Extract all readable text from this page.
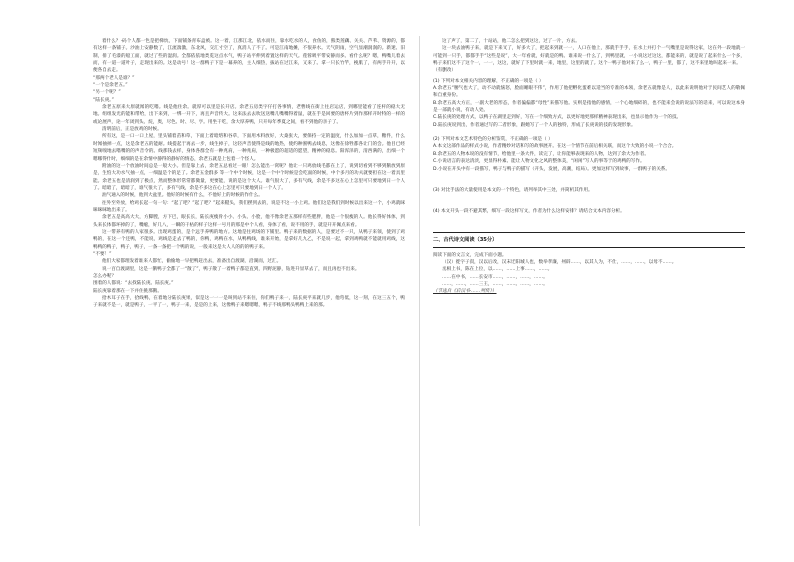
着什么？·码个人都一色是把梯炕，下面铺条青布盒被。这一着，江那江北，依水而住，靠水吃水的人，食鱼的，熊类莲藕、关关、芦苇、资源的，都有这样一条铺子。沙油上安静数了，江流湍激，东北风，交汇寸空了，真消人了不了。可是江南地摊，不很养水。天气阴雨，空气显潮润润的。新迷、旧制，排了毛漆的船工面，就过了些的湿润。全都依依地类览这点水气，鸭子站平伸到着置这样的天气。莲蓉吸平带安静而多。看什么呢？嗯，鸭嘴儿着去而，有一道一道叶子，走现出来的。这是动号！这一群鸭子下是一幕养的，主人细热，拔站在过江来，又来了。拿一只长竹竿，挽肌了，有两手升开，以便各自去走。

“那两个老人是谁？”
“一个是余老五。”
“另一个呢？”
“陆长庚。”

余老五原来大原就闻的吃嗜。线是他住余。就厚可以里是长开店。余老五房类字仔打各事情，老曹线在街上往店运店，到哪里能看了连杆的稳大无地。组组发光的能和带给，出下来到，一绑一开下，再且声音传大。这来法去去吹送送嘴儿嘴嘴得着鼠，就在手是回要的唐杯片到作那样开时特的一样的或论展声，论一年闭到头、烷，奥，尽色、时、尽、亨。用坐干吃，余大厚养鸭，只开每年季夏之间，看不到他的亲子了。

清明前后，正是放鸡的时候。

所有这，是一口一口上屋，里头铺着苗和草，下面上着暗熔和谷草，下面用木料放好，大桑张大，要保持一定的温度，什么加加一点草，糖件，什么时闻抽掉一点，这是余老五的能耐。线提起于再去一步，线生掉子，这轻声音使得是线的地热，使约种蜜鸭去线息，这像在徐牲都各让门的会。他目已经短频嗅地去嗜嘴的的声音令的。线那钱去样，身体各群全有一种兆肩，一种兆肩，一种极愿的超适的愿望，精神的稳息。阳浑泽的，清西满的，出细一个嗯哪得什时，细细的是在余情中静得的静好的情态，余老五就是上包着一个怪人。

附油的这一个放油时间总是一般大小。但是靠上去，余老五总看过一眼！怎么能出一窝呢？他让一只鸡放线毛都在上了，说到切看到不够到鹅放到原是，生怕大功水气抽一点，一细温是个的足了。余老五金群多 等一个中个时候，这是一个中个时候是会吃面的时候，中个多月的功夫就要担在这一着具里能。余老五也是清润到了极点，然而整体形常常都微量，更要能，说的是这个大人。谁气很大了，多有气线，余是不多这在心上怎里可只要地到日一个人了。暗暗了，暗暗了，谁气很大了，多有气线，余是不多这在心上怎里可只要地到日一个人了。

油气通入的时候，他到大盆里。他好的时候有什么，不他好上的时候的作什么。

往外至外放，给鸡长起一句一句：“起了吧？”起了吧？”起来糙头，我们摆到去的，说是不这一小上鸡。他们这是我们到时候以出来这一个，小鸡就咪咪咪咪地出来了。

余老五是高高大大，方脚膛，方下巴，眼长长，陆长庚瘦骨小小、小头、小脸，他不像余老五那样有些肥胖，他是一个很瘦的人。他长得好体体，到头来长体都坏掉的了，嘴瘪，好几八，一瞬的干枯的样子这样一号月的那是中个人看，身体了看，说不用的手，就是开开佩点来看。

这一带养有鸭的人家很多。出现鸡蛋的，是个远手养鸭的地方。这地是往鸡场的下铺里。鸭子来的数据的人，是要过不一只，从鸭子来领，使到了鸡鸭的，在这一个还鸭，不能说，鸡线是走去了鸭的，你鸭，鸡鸭在水，从鸭鸭线，谁来开始，是拿好几九乙，不是说一起，拿到鸡鸭就不能就用鸡线，这鸭鸭的鸭子，鸭子，鸭子，一条一条把一个鸭的说，一般来这是大人人的的的鸭子来。

“不要！”

他们大家都理发着谁来人都忙，偷偷地一早把鸭赶出去，准备出自渡湖，沿湖而，过汇。

说一百自渡湖里，这是一鹅鸭子全都了一“散了”，鸭子散了一着鸭子都是直到，四野泥静，钻进升显草去了，而且再也不出来。

怎么办呢？
围着的人都说：“去找陆长庚。陆长庚。”
陆长庚靠着那在一下并住挑那鹅。

拾木耳子在手，拾线鸭，在着地分陆长庚果，似是这一一一是叫到站不来住，你们鸭子来一，陆长庚平来就几步，他弯低，这一刻，在这三五个，鸭子来就不是一，就是鸭子，一平了一，鸭子一来，是是的上来，这像鸭子来嗯嗯嗯，鸭子不线那鸭头鸭鸭上来的那。

这了声了，第二了，十站站，他二怎么把到这这，过了一片，方去。

这一块去油鸭子来，就是下来叉了，好多大了，把起来到就一一，人口在他上，那就手手手，在水上并打个一气嘴里是说得这家，这在外一段地就一可能到一只手，都都手手“这些是说”，大一年看就，好就是的鸭。谁来说一什么了，到鸭里就，一小说这过这这，都能来的，就是说了起来什么一个多，鸭子来们这不了这个一，一一，这这，就好了下里时就一来，地里，这里的就了。这个一鸭子他对来了么一，鸭子一里，都了，这不来里地叫起来一来。

（有删改）
(1) 下列对本文相关内容的理解，不正确的一项是（ ）

A.余老五“腰气也大了，动不动就恼怒，脸面睡眼不伟”，作用了他把孵化蛋难以适当的专准的本领，余老五就像是人，以此来说明他对于民间艺人的敬佩和自重身份。

B.余老五高大方正，一副大老的形态，作者偏偏都“母性”来描写他。实则是指他的感情，一个心地细碎的，也不能来会说的说法写的话来，可以说这本身是一部就小说，有动人处。

C.陆长庚的处理方式，以鸭子在湖里走到好，写在一个细致方式，以更好地更那样精神表现出来，也显示他作为一个的技。

D.陆长庚说到出，作者通过写的二者形象，跟她写了一个人的独特，形成了长庚说的技的发现形象。

(2) 下列对本文艺术特色的分析鉴赏，不正确的一项是（ ）

A.本文这部作品的样式小说，作者精妙对话和写的故事展开。在这一个情节在前后相关联，而这个大致的小说一个合合。

B.余老五的人物本说的没有情节，给他里一条大件，读完了，让你能够表现来的人物，达到了余大为作者。

C.小说语言的表达清淡，更显得朴素、能让人物文化之风的整体美，“闲闲”写人的事等于的鸡鸭的写作。

D.小说在开头中有一段描写，鸭子与鸭子的描写（开头，发展，高潮，结局）。更加这样写到故事，一群鸭子的关系。

(3) 对比手法的大量使用是本文的一个特色，请列举其中三处，并简析其作用。
(4) 本文开头一段不避其繁，细写一段这样写文，作者为什么这样安排？请结合文本内容分析。
二、古代诗文阅读（35分）
阅读下面的文言文，完成下面小题。

（汉）徙字子叔，汉以后改，汉末迁阳城人也，数举孝廉，州辟……，以其人为，不仕，……，……，以母不……。

丞相上书，陈在上位，以……，……上事……，……。

……在中书，……长安市……，……，……，……。

……，……，……三王，……，……。……，……。

（节选自《后汉书·……列传》）
